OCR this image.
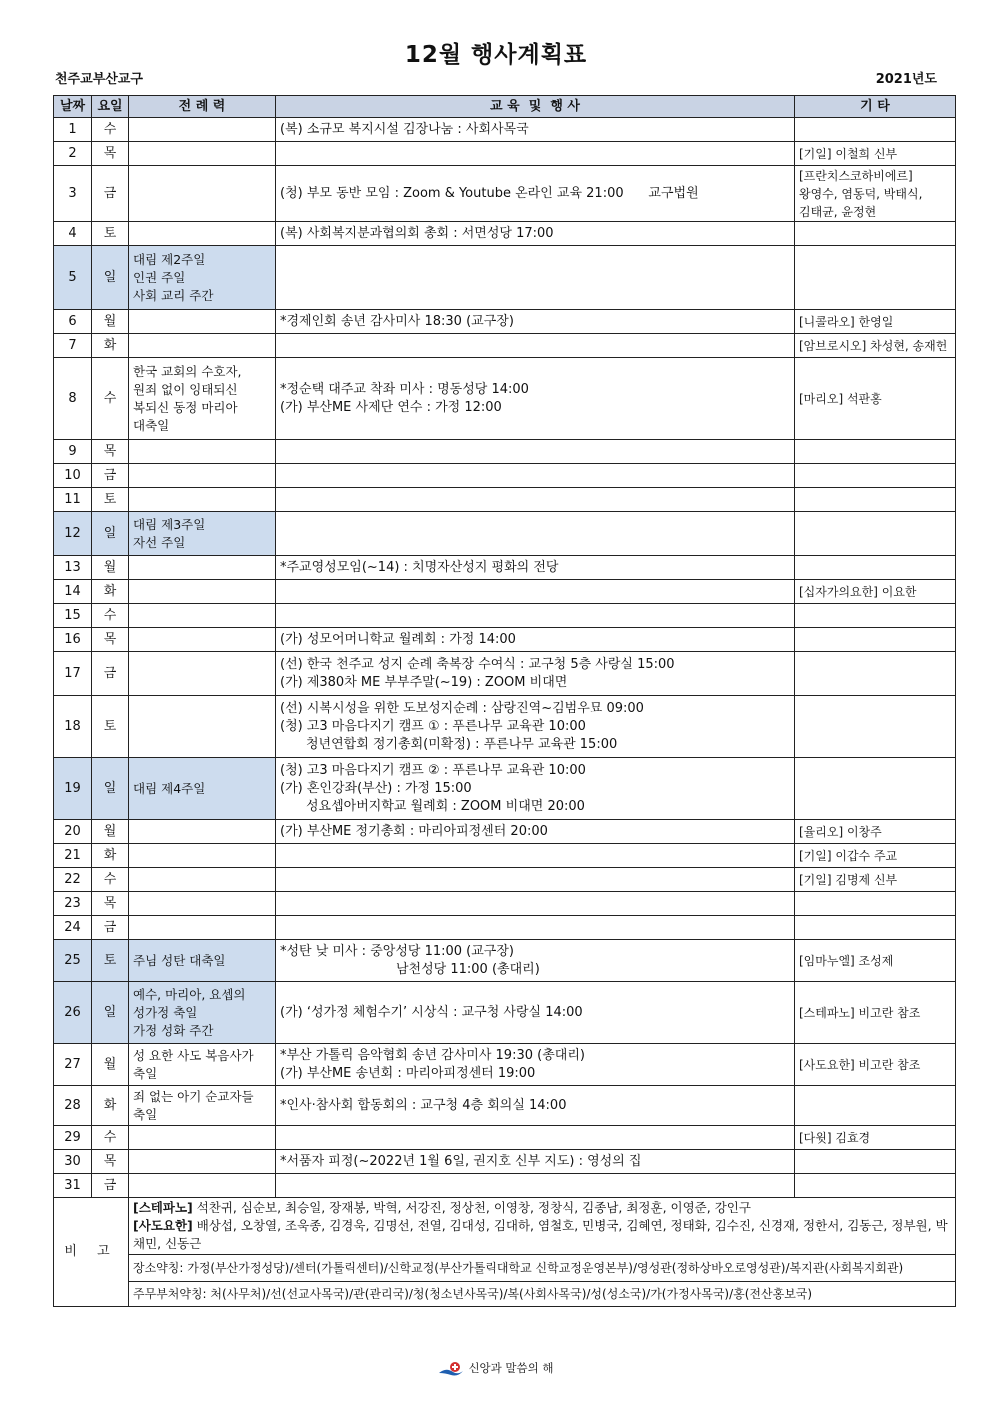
12월 행사계획표
천주교부산교구	2021년도
날짜	요일	전 례 력	교 육  및  행 사	기 타
1	수		(복) 소규모 복지시설 김장나눔 : 사회사목국	

2	목			[기일] 이철희 신부

3	금		(청) 부모 동반 모임 : Zoom & Youtube 온라인 교육 21:00      교구법원	[프란치스코하비에르]
왕영수, 염동덕, 박태식,
김태균, 윤정현

4	토		(복) 사회복지분과협의회 총회 : 서면성당 17:00	

5	일	대림 제2주일
인권 주일
사회 교리 주간		

6	월		*경제인회 송년 감사미사 18:30 (교구장)	[니콜라오] 한영일

7	화			[암브로시오] 차성현, 송재헌

8	수	한국 교회의 수호자,
원죄 없이 잉태되신
복되신 동정 마리아
대축일	*정순택 대주교 착좌 미사 : 명동성당 14:00
(가) 부산ME 사제단 연수 : 가정 12:00	[마리오] 석판홍

9	목			
10	금			
11	토			
12	일	대림 제3주일
자선 주일		

13	월		*주교영성모임(~14) : 치명자산성지 평화의 전당	

14	화			[십자가의요한] 이요한

15	수			
16	목		(가) 성모어머니학교 월례회 : 가정 14:00	

17	금		(선) 한국 천주교 성지 순례 축복장 수여식 : 교구청 5층 사랑실 15:00
(가) 제380차 ME 부부주말(~19) : ZOOM 비대면	

18	토		(선) 시복시성을 위한 도보성지순례 : 삼랑진역~김범우묘 09:00
(청) 고3 마음다지기 캠프 ① : 푸른나무 교육관 10:00
청년연합회 정기총회(미확정) : 푸른나무 교육관 15:00	

19	일	대림 제4주일	(청) 고3 마음다지기 캠프 ② : 푸른나무 교육관 10:00
(가) 혼인강좌(부산) : 가정 15:00
성요셉아버지학교 월례회 : ZOOM 비대면 20:00	

20	월		(가) 부산ME 정기총회 : 마리아피정센터 20:00	[율리오] 이창주

21	화			[기일] 이갑수 주교

22	수			[기일] 김명제 신부

23	목			
24	금			
25	토	주님 성탄 대축일	*성탄 낮 미사 : 중앙성당 11:00 (교구장)
남천성당 11:00 (총대리)	[임마누엘] 조성제

26	일	예수, 마리아, 요셉의
성가정 축일
가정 성화 주간	(가) ‘성가정 체험수기’ 시상식 : 교구청 사랑실 14:00	[스테파노] 비고란 참조

27	월	성 요한 사도 복음사가
축일	*부산 가톨릭 음악협회 송년 감사미사 19:30 (총대리)
(가) 부산ME 송년회 : 마리아피정센터 19:00	[사도요한] 비고란 참조

28	화	죄 없는 아기 순교자들
축일	*인사·참사회 합동회의 : 교구청 4층 회의실 14:00	

29	수			[다윗] 김효경

30	목		*서품자 피정(~2022년 1월 6일, 권지호 신부 지도) : 영성의 집	

31	금			
비 고		[스테파노] 석찬귀, 심순보, 최승일, 장재봉, 박혁, 서강진, 정상천, 이영창, 정창식, 김종남, 최정훈, 이영준, 강인구
[사도요한] 배상섭, 오창열, 조욱종, 김경욱, 김명선, 전열, 김대성, 김대하, 염철호, 민병국, 김혜연, 정태화, 김수진, 신경재, 정한서, 김동근, 정부원, 박채민, 신동근		
		장소약칭: 가정(부산가정성당)/센터(가톨릭센터)/신학교정(부산가톨릭대학교 신학교정운영본부)/영성관(정하상바오로영성관)/복지관(사회복지회관)		
		주무부처약칭: 처(사무처)/선(선교사목국)/관(관리국)/청(청소년사목국)/복(사회사목국)/성(성소국)/가(가정사목국)/홍(전산홍보국)		
신앙과 말씀의 해
